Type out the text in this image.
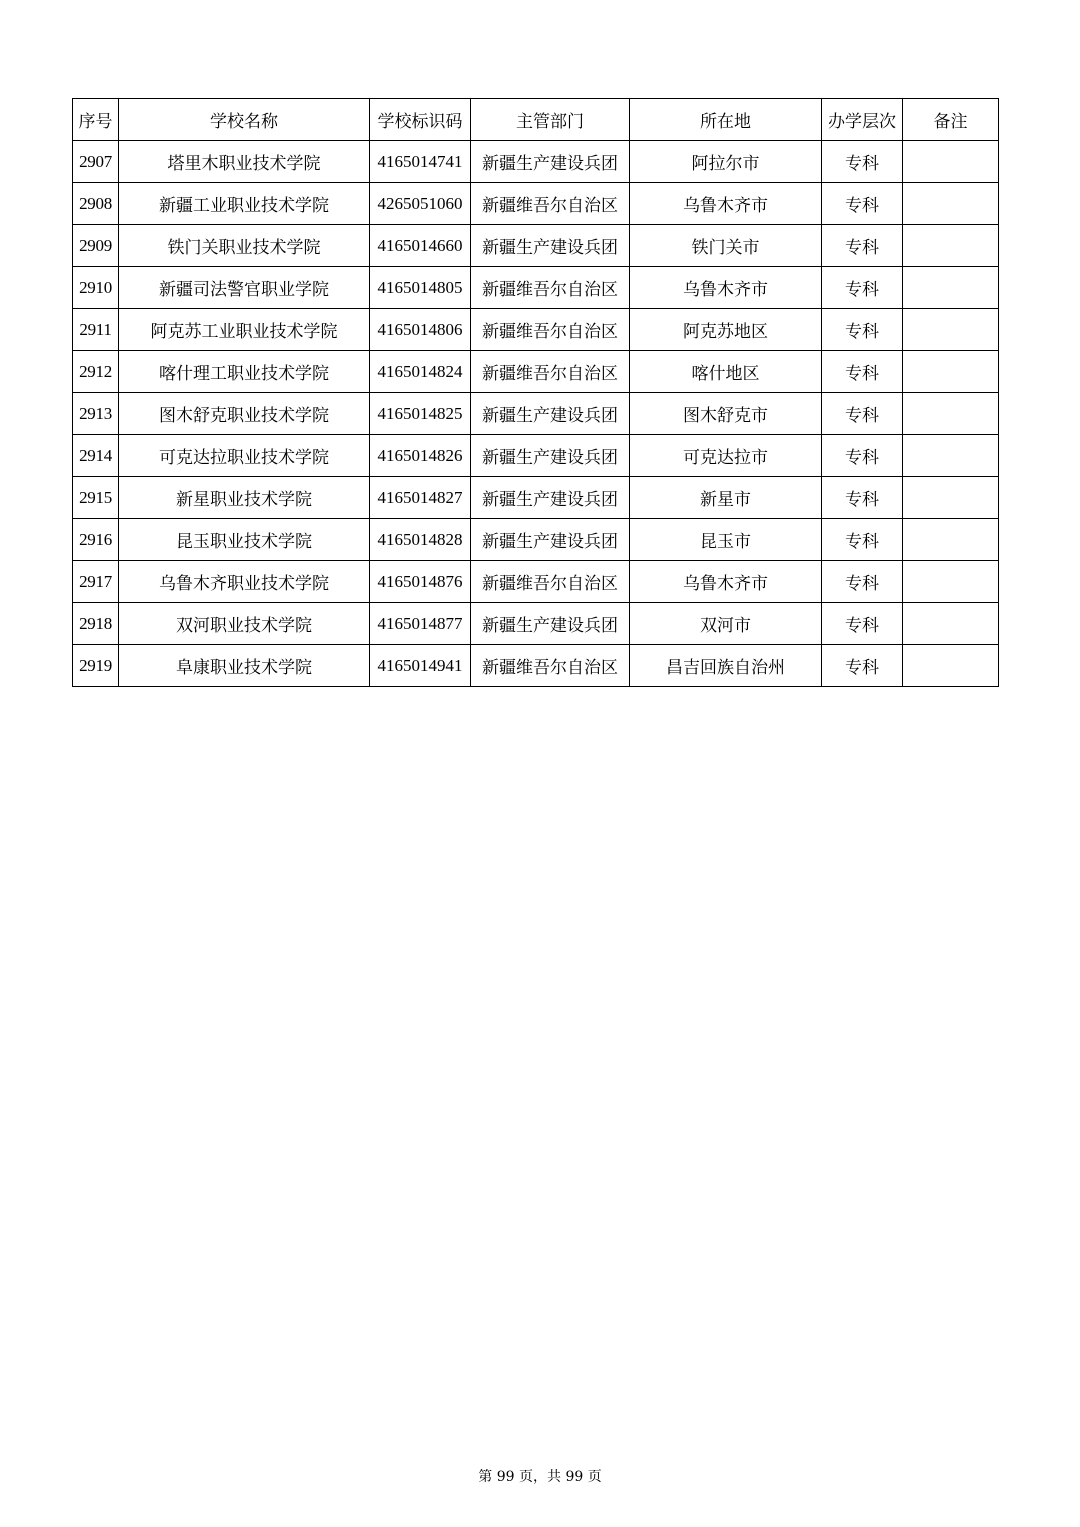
序号	学校名称	学校标识码	主管部门	所在地	办学层次	备注
2907	塔里木职业技术学院	4165014741	新疆生产建设兵团	阿拉尔市	专科	
2908	新疆工业职业技术学院	4265051060	新疆维吾尔自治区	乌鲁木齐市	专科	
2909	铁门关职业技术学院	4165014660	新疆生产建设兵团	铁门关市	专科	
2910	新疆司法警官职业学院	4165014805	新疆维吾尔自治区	乌鲁木齐市	专科	
2911	阿克苏工业职业技术学院	4165014806	新疆维吾尔自治区	阿克苏地区	专科	
2912	喀什理工职业技术学院	4165014824	新疆维吾尔自治区	喀什地区	专科	
2913	图木舒克职业技术学院	4165014825	新疆生产建设兵团	图木舒克市	专科	
2914	可克达拉职业技术学院	4165014826	新疆生产建设兵团	可克达拉市	专科	
2915	新星职业技术学院	4165014827	新疆生产建设兵团	新星市	专科	
2916	昆玉职业技术学院	4165014828	新疆生产建设兵团	昆玉市	专科	
2917	乌鲁木齐职业技术学院	4165014876	新疆维吾尔自治区	乌鲁木齐市	专科	
2918	双河职业技术学院	4165014877	新疆生产建设兵团	双河市	专科	
2919	阜康职业技术学院	4165014941	新疆维吾尔自治区	昌吉回族自治州	专科	
第 99 页，共 99 页
